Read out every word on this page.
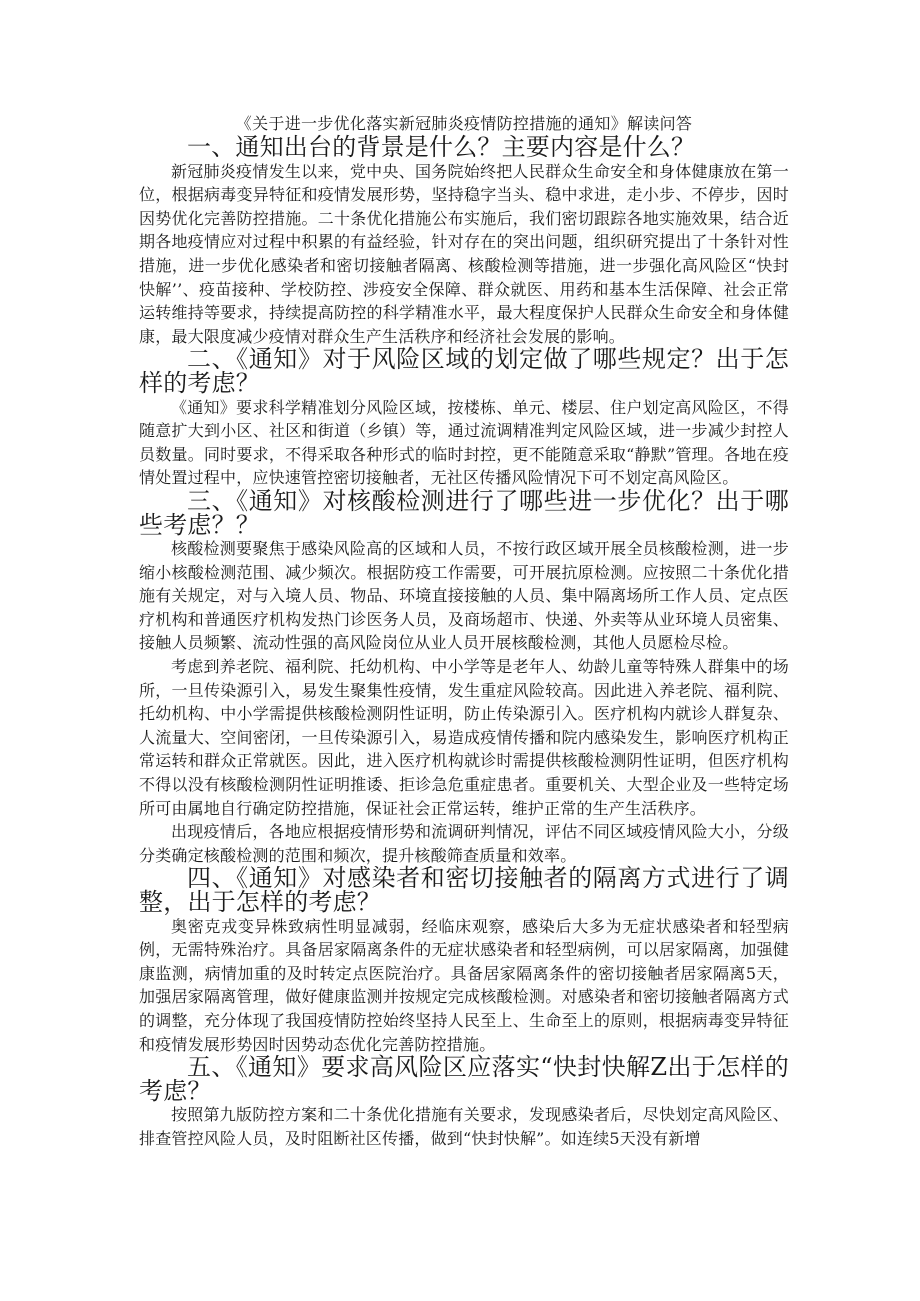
《关于进一步优化落实新冠肺炎疫情防控措施的通知》解读问答
一、通知出台的背景是什么？主要内容是什么？

新冠肺炎疫情发生以来，党中央、国务院始终把人民群众生命安全和身体健康放在第一位，根据病毒变异特征和疫情发展形势，坚持稳字当头、稳中求进，走小步、不停步，因时因势优化完善防控措施。二十条优化措施公布实施后，我们密切跟踪各地实施效果，结合近期各地疫情应对过程中积累的有益经验，针对存在的突出问题，组织研究提出了十条针对性措施，进一步优化感染者和密切接触者隔离、核酸检测等措施，进一步强化高风险区“快封快解’’、疫苗接种、学校防控、涉疫安全保障、群众就医、用药和基本生活保障、社会正常运转维持等要求，持续提高防控的科学精准水平，最大程度保护人民群众生命安全和身体健康，最大限度减少疫情对群众生产生活秩序和经济社会发展的影响。

二、《通知》对于风险区域的划定做了哪些规定？出于怎样的考虑？

《通知》要求科学精准划分风险区域，按楼栋、单元、楼层、住户划定高风险区，不得随意扩大到小区、社区和街道（乡镇）等，通过流调精准判定风险区域，进一步减少封控人员数量。同时要求，不得采取各种形式的临时封控，更不能随意采取“静默”管理。各地在疫情处置过程中，应快速管控密切接触者，无社区传播风险情况下可不划定高风险区。

三、《通知》对核酸检测进行了哪些进一步优化？出于哪些考虑？？

核酸检测要聚焦于感染风险高的区域和人员，不按行政区域开展全员核酸检测，进一步缩小核酸检测范围、减少频次。根据防疫工作需要，可开展抗原检测。应按照二十条优化措施有关规定，对与入境人员、物品、环境直接接触的人员、集中隔离场所工作人员、定点医疗机构和普通医疗机构发热门诊医务人员，及商场超市、快递、外卖等从业环境人员密集、接触人员频繁、流动性强的高风险岗位从业人员开展核酸检测，其他人员愿检尽检。

考虑到养老院、福利院、托幼机构、中小学等是老年人、幼龄儿童等特殊人群集中的场所，一旦传染源引入，易发生聚集性疫情，发生重症风险较高。因此进入养老院、福利院、托幼机构、中小学需提供核酸检测阴性证明，防止传染源引入。医疗机构内就诊人群复杂、人流量大、空间密闭，一旦传染源引入，易造成疫情传播和院内感染发生，影响医疗机构正常运转和群众正常就医。因此，进入医疗机构就诊时需提供核酸检测阴性证明，但医疗机构不得以没有核酸检测阴性证明推诿、拒诊急危重症患者。重要机关、大型企业及一些特定场所可由属地自行确定防控措施，保证社会正常运转，维护正常的生产生活秩序。

出现疫情后，各地应根据疫情形势和流调研判情况，评估不同区域疫情风险大小，分级分类确定核酸检测的范围和频次，提升核酸筛查质量和效率。

四、《通知》对感染者和密切接触者的隔离方式进行了调整，出于怎样的考虑？

奥密克戎变异株致病性明显减弱，经临床观察，感染后大多为无症状感染者和轻型病例，无需特殊治疗。具备居家隔离条件的无症状感染者和轻型病例，可以居家隔离，加强健康监测，病情加重的及时转定点医院治疗。具备居家隔离条件的密切接触者居家隔离5天，加强居家隔离管理，做好健康监测并按规定完成核酸检测。对感染者和密切接触者隔离方式的调整，充分体现了我国疫情防控始终坚持人民至上、生命至上的原则，根据病毒变异特征和疫情发展形势因时因势动态优化完善防控措施。

五、《通知》要求高风险区应落实“快封快解Z出于怎样的考虑？

按照第九版防控方案和二十条优化措施有关要求，发现感染者后，尽快划定高风险区、排查管控风险人员，及时阻断社区传播，做到“快封快解”。如连续5天没有新增
